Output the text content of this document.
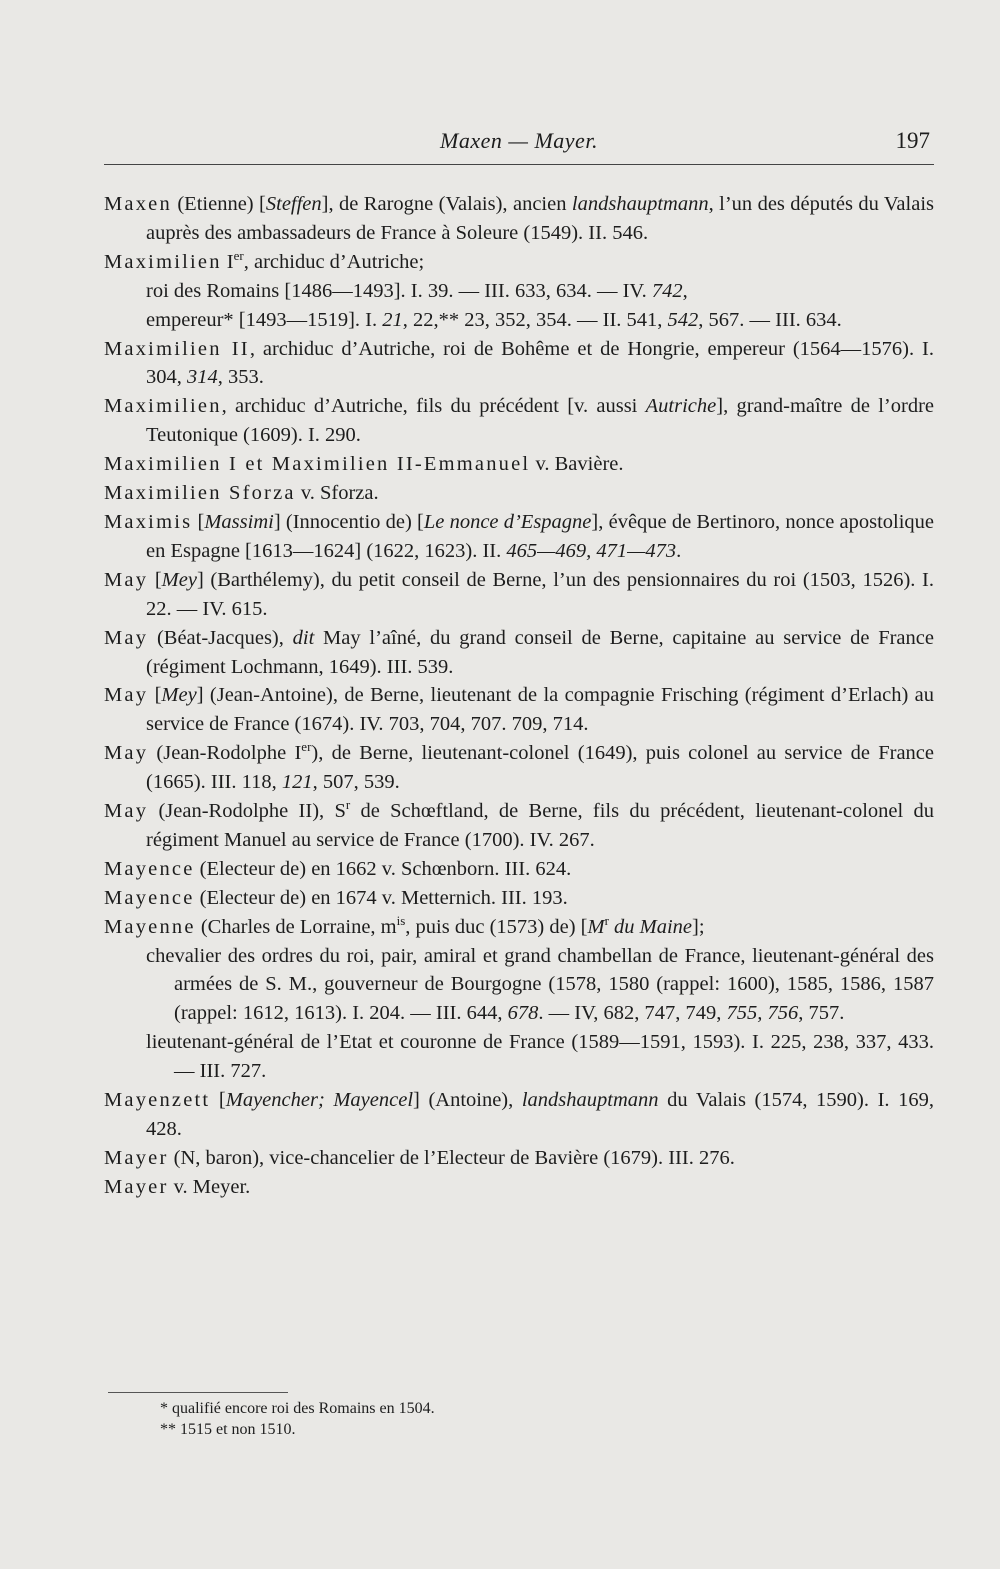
Maxen — Mayer.	197
Maxen (Etienne) [Steffen], de Rarogne (Valais), ancien landshauptmann, l’un des députés du Valais auprès des ambassadeurs de France à Soleure (1549). II. 546.
Maximilien Ier, archiduc d’Autriche;
roi des Romains [1486—1493]. I. 39. — III. 633, 634. — IV. 742,
empereur* [1493—1519]. I. 21, 22,** 23, 352, 354. — II. 541, 542, 567. — III. 634.
Maximilien II, archiduc d’Autriche, roi de Bohême et de Hongrie, empereur (1564—1576). I. 304, 314, 353.
Maximilien, archiduc d’Autriche, fils du précédent [v. aussi Autriche], grand-maître de l’ordre Teutonique (1609). I. 290.
Maximilien I et Maximilien II-Emmanuel v. Bavière.
Maximilien Sforza v. Sforza.
Maximis [Massimi] (Innocentio de) [Le nonce d’Espagne], évêque de Bertinoro, nonce apostolique en Espagne [1613—1624] (1622, 1623). II. 465—469, 471—473.
May [Mey] (Barthélemy), du petit conseil de Berne, l’un des pensionnaires du roi (1503, 1526). I. 22. — IV. 615.
May (Béat-Jacques), dit May l’aîné, du grand conseil de Berne, capitaine au service de France (régiment Lochmann, 1649). III. 539.
May [Mey] (Jean-Antoine), de Berne, lieutenant de la compagnie Frisching (régiment d’Erlach) au service de France (1674). IV. 703, 704, 707. 709, 714.
May (Jean-Rodolphe Ier), de Berne, lieutenant-colonel (1649), puis colonel au service de France (1665). III. 118, 121, 507, 539.
May (Jean-Rodolphe II), $S^r$ de Schœftland, de Berne, fils du précédent, lieutenant-colonel du régiment Manuel au service de France (1700). IV. 267.
Mayence (Electeur de) en 1662 v. Schœnborn. III. 624.
Mayence (Electeur de) en 1674 v. Metternich. III. 193.
Mayenne (Charles de Lorraine, $m^{is}$, puis duc (1573) de) [$M^r$ du Maine];
chevalier des ordres du roi, pair, amiral et grand chambellan de France, lieutenant-général des armées de S. M., gouverneur de Bourgogne (1578, 1580 (rappel: 1600), 1585, 1586, 1587 (rappel: 1612, 1613). I. 204. — III. 644, 678. — IV, 682, 747, 749, 755, 756, 757.
lieutenant-général de l’Etat et couronne de France (1589—1591, 1593). I. 225, 238, 337, 433. — III. 727.
Mayenzett [Mayencher; Mayencel] (Antoine), landshauptmann du Valais (1574, 1590). I. 169, 428.
Mayer (N, baron), vice-chancelier de l’Electeur de Bavière (1679). III. 276.
Mayer v. Meyer.
* qualifié encore roi des Romains en 1504.
** 1515 et non 1510.
